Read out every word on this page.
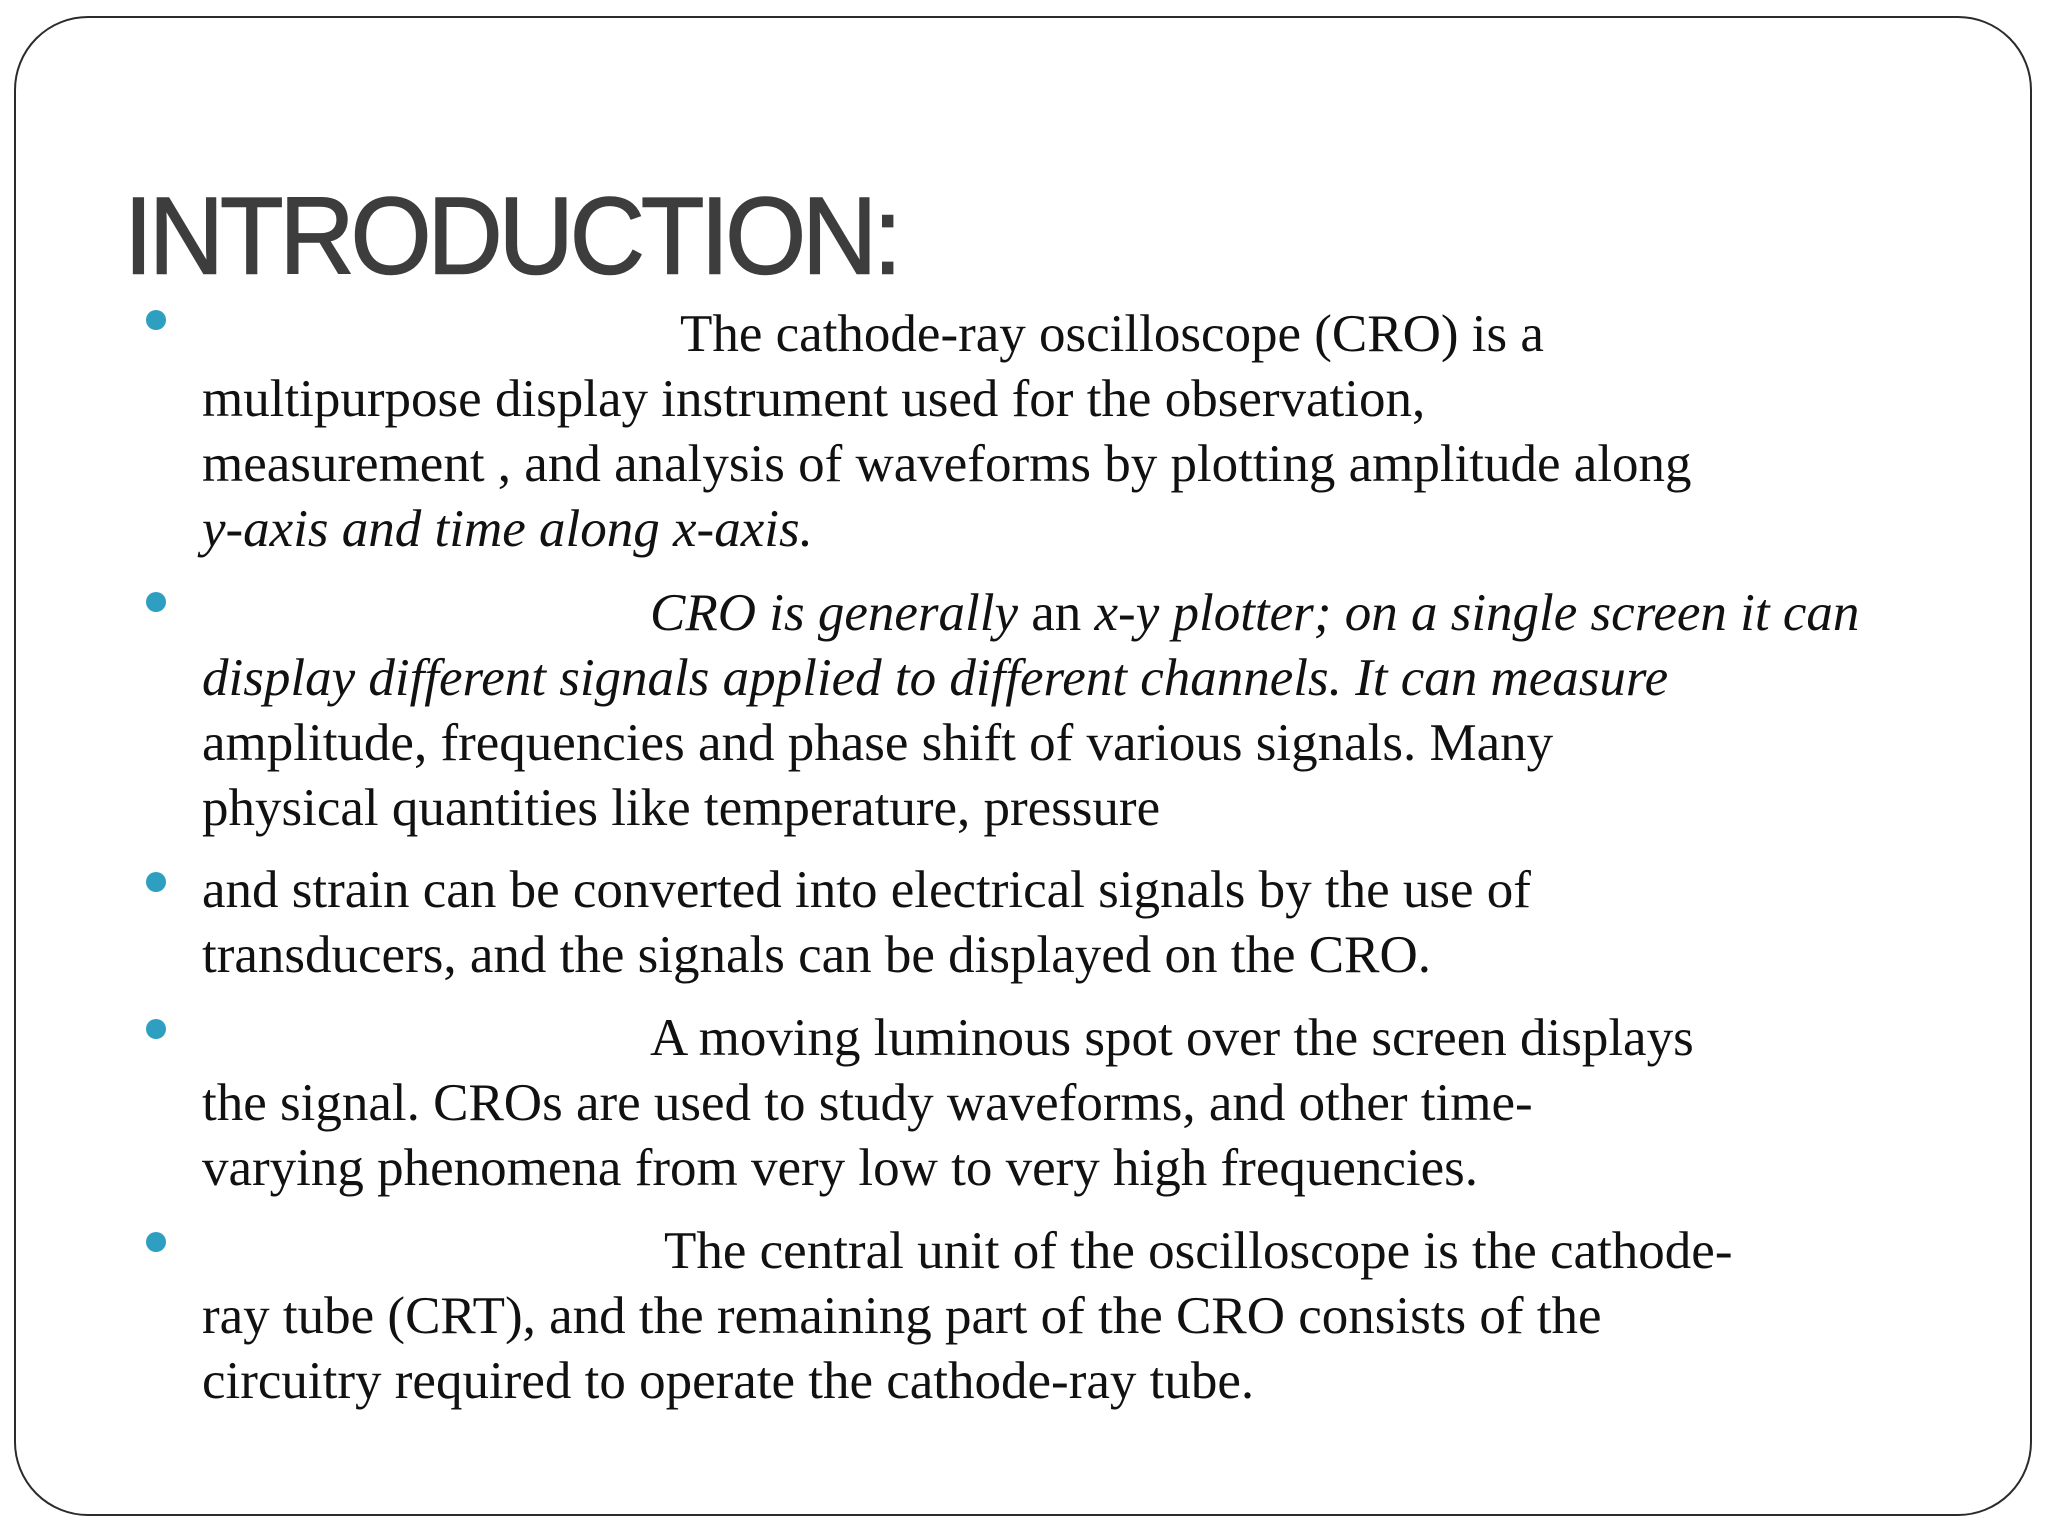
INTRODUCTION:

The cathode-ray oscilloscope (CRO) is a
multipurpose display instrument used for the observation,
measurement , and analysis of waveforms by plotting amplitude along
y-axis and time along x-axis.

CRO is generally an x-y plotter; on a single screen it can
display different signals applied to different channels. It can measure
amplitude, frequencies and phase shift of various signals. Many
physical quantities like temperature, pressure

and strain can be converted into electrical signals by the use of
transducers, and the signals can be displayed on the CRO.

A moving luminous spot over the screen displays
the signal. CROs are used to study waveforms, and other time-
varying phenomena from very low to very high frequencies.

The central unit of the oscilloscope is the cathode-
ray tube (CRT), and the remaining part of the CRO consists of the
circuitry required to operate the cathode-ray tube.
